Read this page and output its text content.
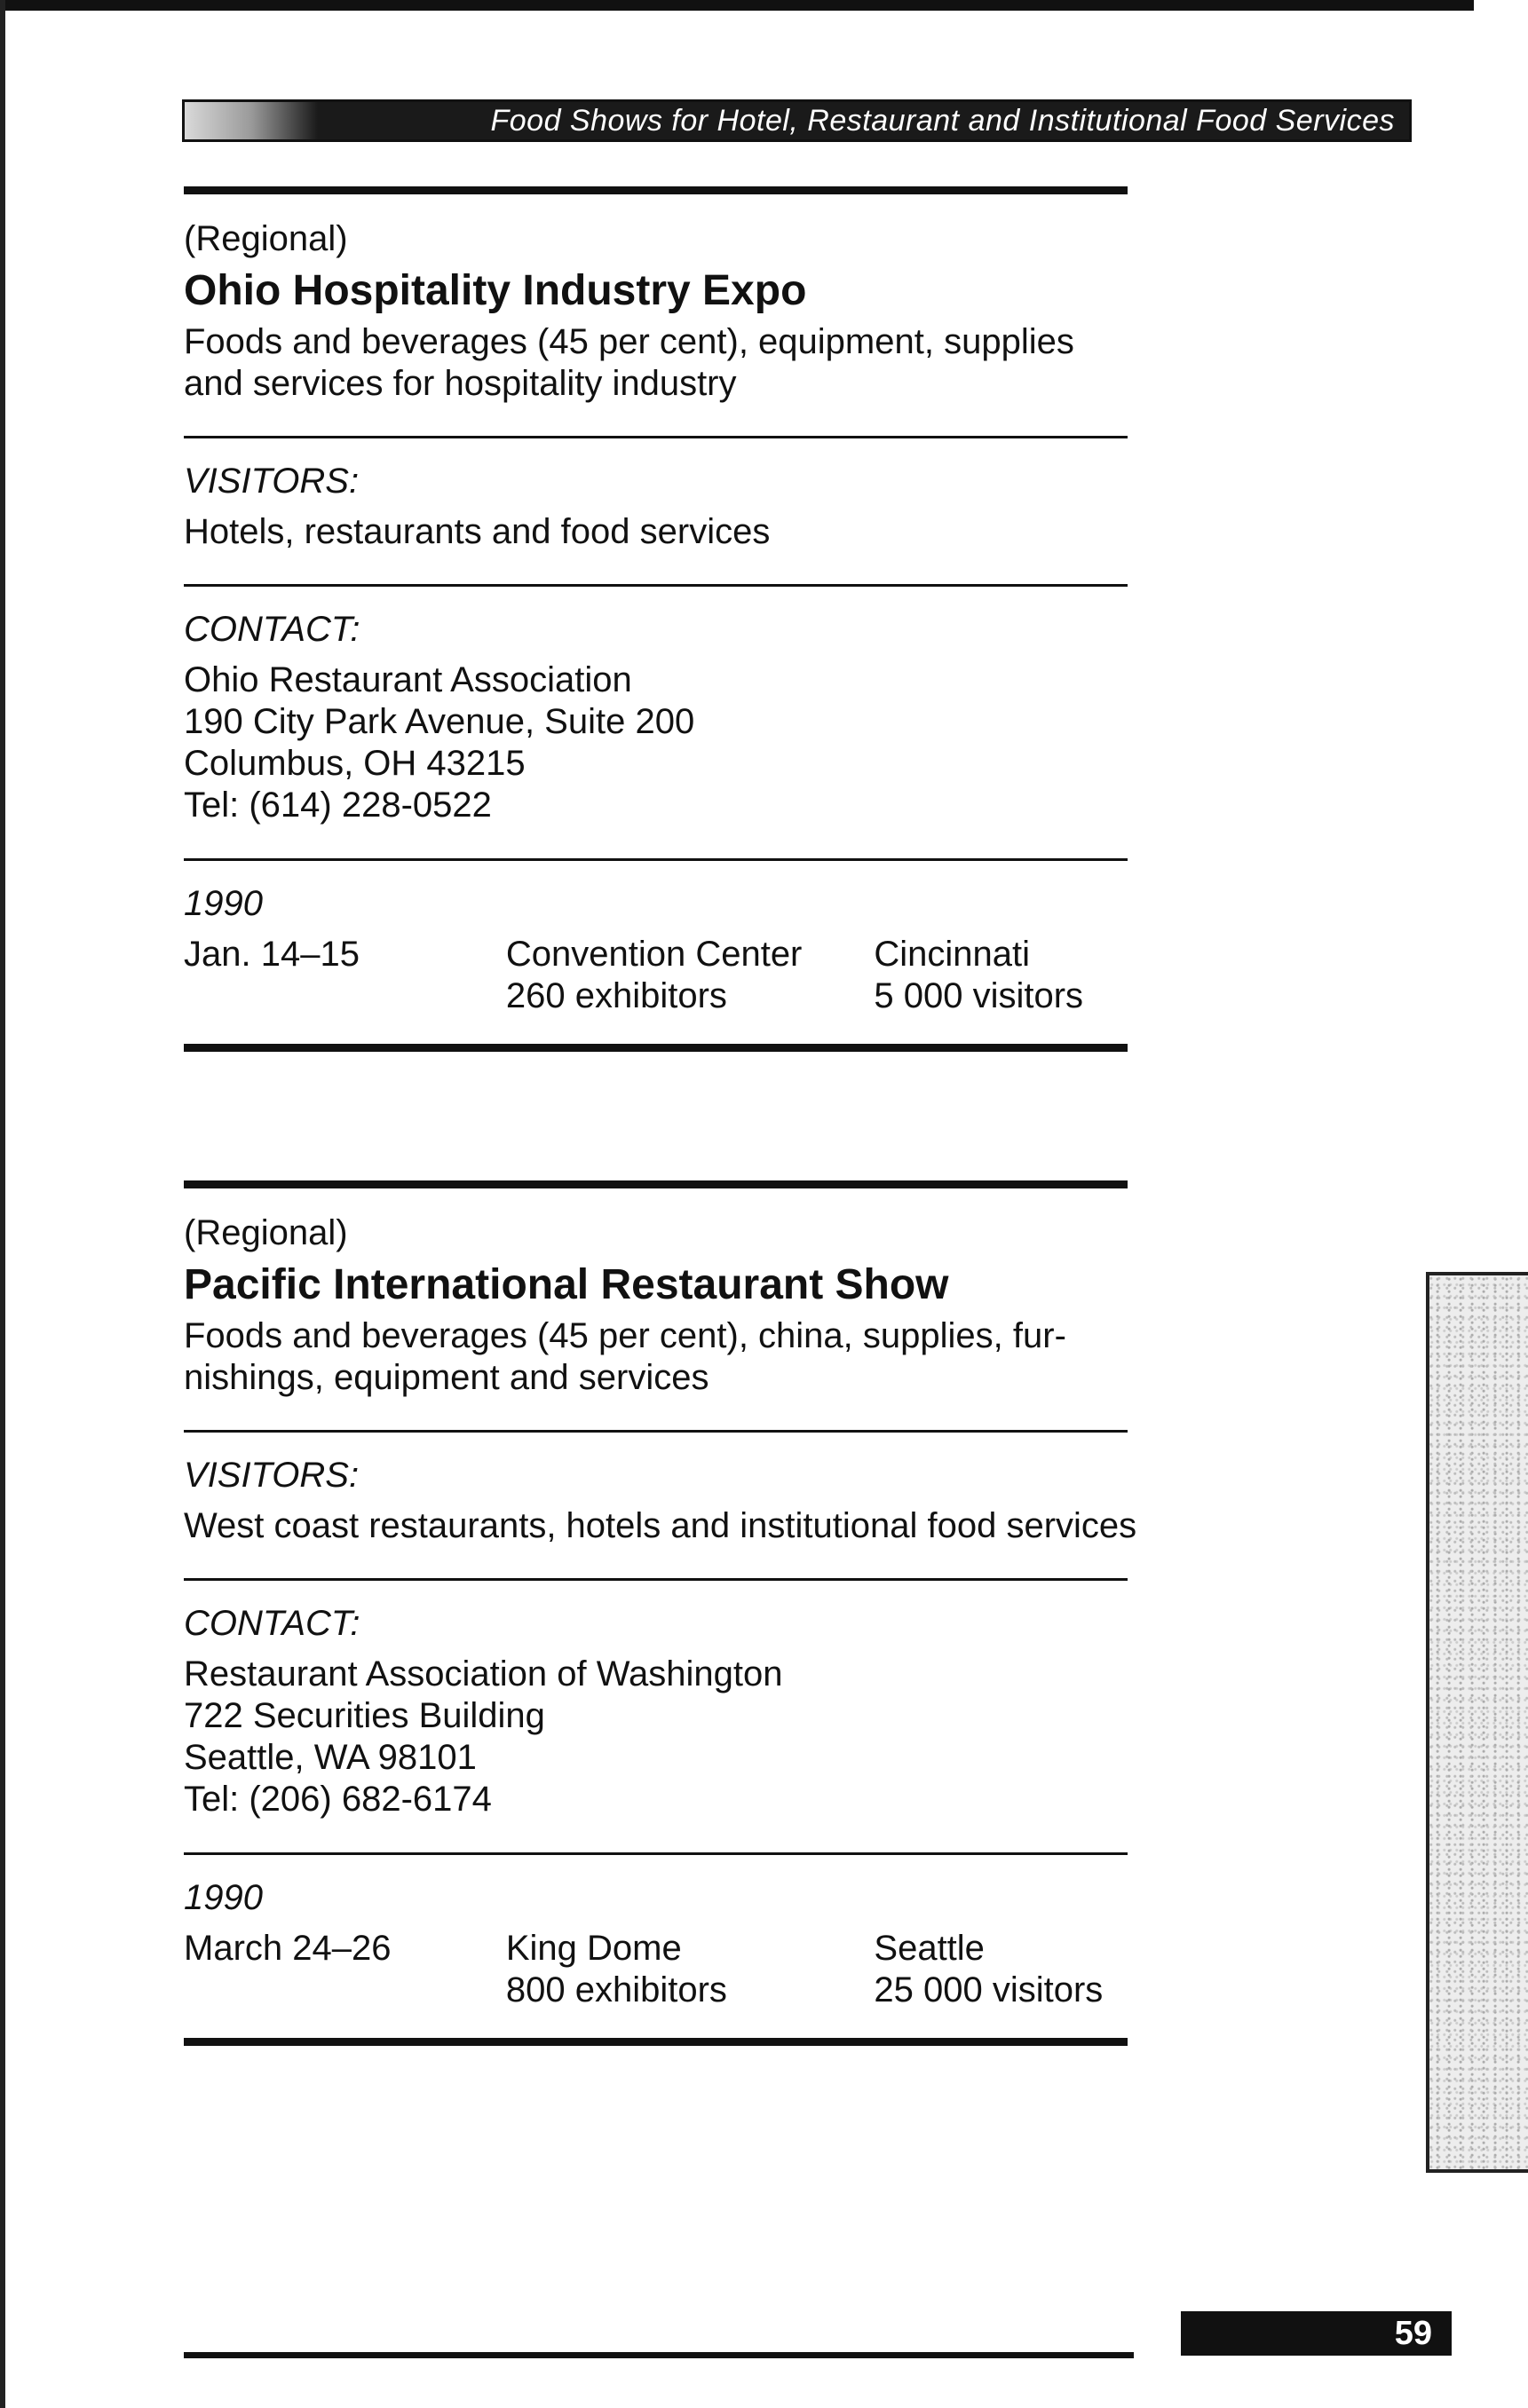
Food Shows for Hotel, Restaurant and Institutional Food Services

(Regional)

Ohio Hospitality Industry Expo

Foods and beverages (45 per cent), equipment, supplies

and services for hospitality industry

VISITORS:

Hotels, restaurants and food services

CONTACT:

Ohio Restaurant Association

190 City Park Avenue, Suite 200

Columbus, OH 43215

Tel: (614) 228-0522

1990

Jan. 14–15	Convention Center
260 exhibitors
Cincinnati
5 000 visitors

(Regional)

Pacific International Restaurant Show

Foods and beverages (45 per cent), china, supplies, fur-

nishings, equipment and services

VISITORS:

West coast restaurants, hotels and institutional food services

CONTACT:

Restaurant Association of Washington

722 Securities Building

Seattle, WA 98101

Tel: (206) 682-6174

1990

March 24–26	King Dome
800 exhibitors
Seattle
25 000 visitors
59
